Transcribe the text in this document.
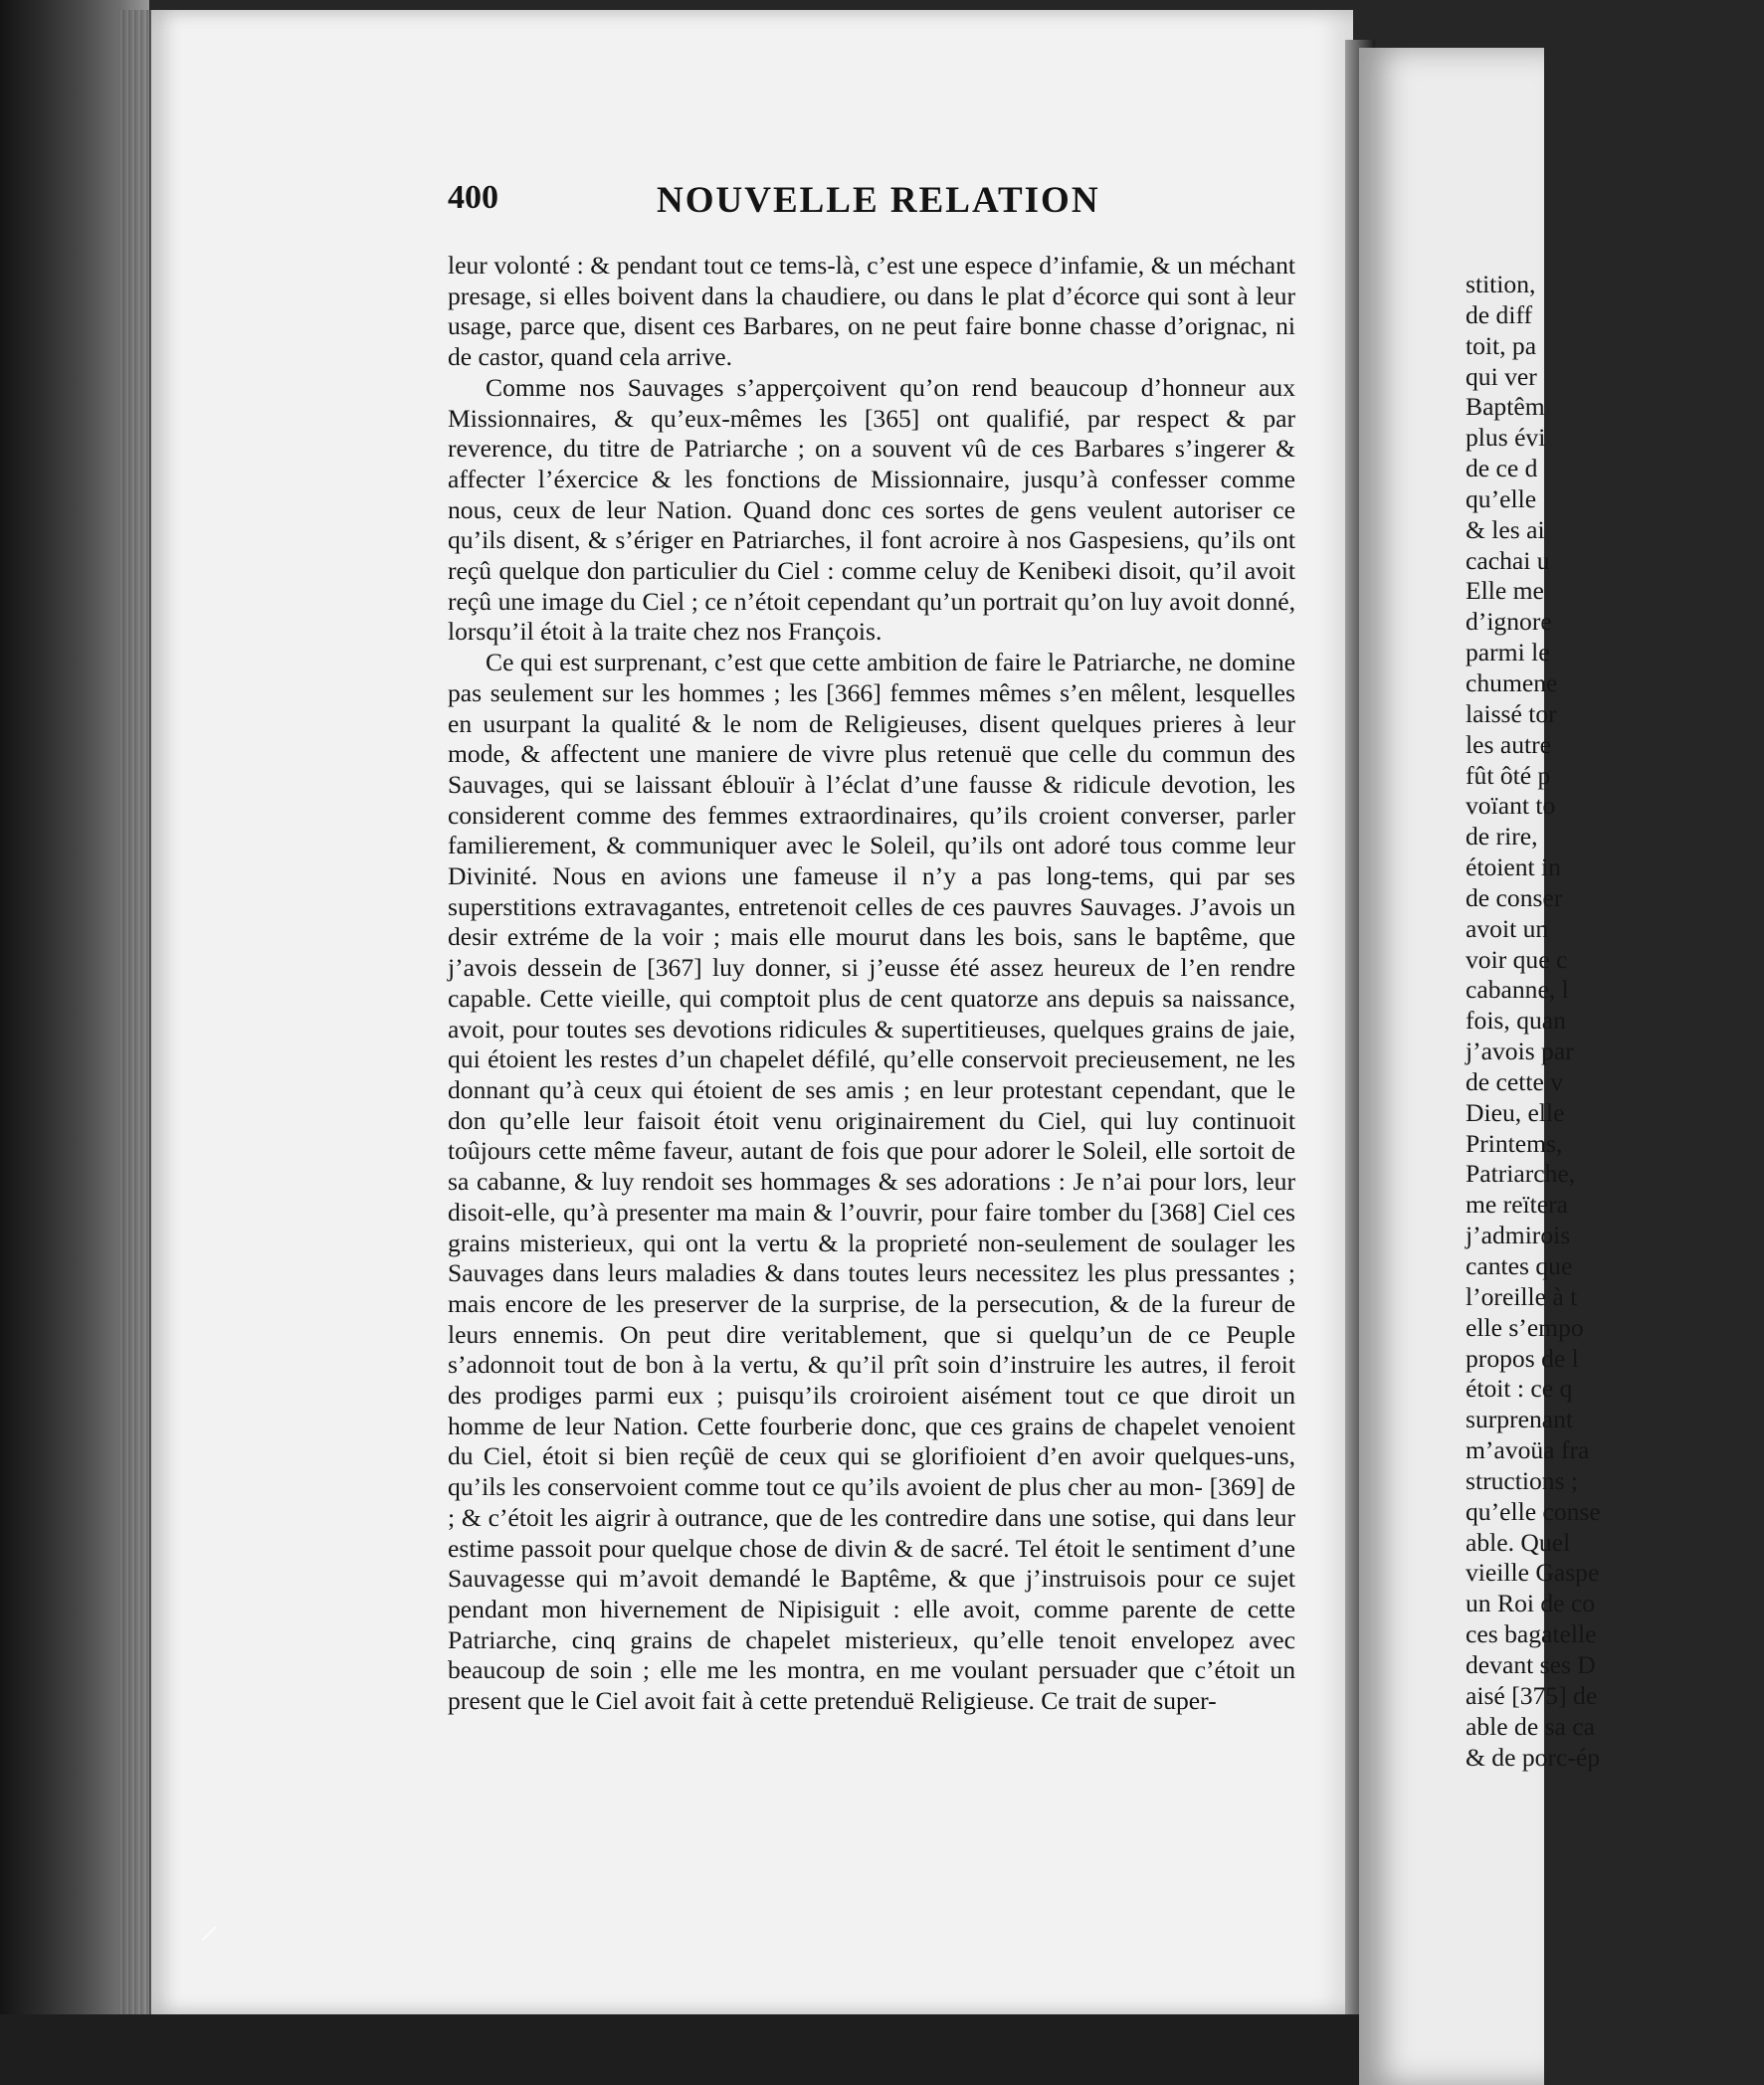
400	NOUVELLE RELATION

leur volonté : & pendant tout ce tems-là, c’est une espece d’infamie, & un méchant presage, si elles boivent dans la chaudiere, ou dans le plat d’écorce qui sont à leur usage, parce que, disent ces Barbares, on ne peut faire bonne chasse d’orignac, ni de castor, quand cela arrive.

Comme nos Sauvages s’apperçoivent qu’on rend beaucoup d’honneur aux Missionnaires, & qu’eux-mêmes les [365] ont qualifié, par respect & par reverence, du titre de Patriarche ; on a souvent vû de ces Barbares s’ingerer & affecter l’éxercice & les fonctions de Missionnaire, jusqu’à confesser comme nous, ceux de leur Nation. Quand donc ces sortes de gens veulent autoriser ce qu’ils disent, & s’ériger en Patriarches, il font acroire à nos Gaspesiens, qu’ils ont reçû quelque don particulier du Ciel : comme celuy de Kenibeκi disoit, qu’il avoit reçû une image du Ciel ; ce n’étoit cependant qu’un portrait qu’on luy avoit donné, lorsqu’il étoit à la traite chez nos François.

Ce qui est surprenant, c’est que cette ambition de faire le Patriarche, ne domine pas seulement sur les hommes ; les [366] femmes mêmes s’en mêlent, lesquelles en usurpant la qualité & le nom de Religieuses, disent quelques prieres à leur mode, & affectent une maniere de vivre plus retenuë que celle du commun des Sauvages, qui se laissant éblouïr à l’éclat d’une fausse & ridicule devotion, les considerent comme des femmes extraordinaires, qu’ils croient converser, parler familierement, & communiquer avec le Soleil, qu’ils ont adoré tous comme leur Divinité. Nous en avions une fameuse il n’y a pas long-tems, qui par ses superstitions extravagantes, entretenoit celles de ces pauvres Sauvages. J’avois un desir extréme de la voir ; mais elle mourut dans les bois, sans le baptême, que j’avois dessein de [367] luy donner, si j’eusse été assez heureux de l’en rendre capable. Cette vieille, qui comptoit plus de cent quatorze ans depuis sa naissance, avoit, pour toutes ses devotions ridicules & supertitieuses, quelques grains de jaie, qui étoient les restes d’un chapelet défilé, qu’elle conservoit precieusement, ne les donnant qu’à ceux qui étoient de ses amis ; en leur protestant cependant, que le don qu’elle leur faisoit étoit venu originairement du Ciel, qui luy continuoit toûjours cette même faveur, autant de fois que pour adorer le Soleil, elle sortoit de sa cabanne, & luy rendoit ses hommages & ses adorations : Je n’ai pour lors, leur disoit-elle, qu’à presenter ma main & l’ouvrir, pour faire tomber du [368] Ciel ces grains misterieux, qui ont la vertu & la proprieté non-seulement de soulager les Sauvages dans leurs maladies & dans toutes leurs necessitez les plus pressantes ; mais encore de les preserver de la surprise, de la persecution, & de la fureur de leurs ennemis. On peut dire veritablement, que si quelqu’un de ce Peuple s’adonnoit tout de bon à la vertu, & qu’il prît soin d’instruire les autres, il feroit des prodiges parmi eux ; puisqu’ils croiroient aisément tout ce que diroit un homme de leur Nation. Cette fourberie donc, que ces grains de chapelet venoient du Ciel, étoit si bien reçûë de ceux qui se glorifioient d’en avoir quelques-uns, qu’ils les conservoient comme tout ce qu’ils avoient de plus cher au mon- [369] de ; & c’étoit les aigrir à outrance, que de les contredire dans une sotise, qui dans leur estime passoit pour quelque chose de divin & de sacré. Tel étoit le sentiment d’une Sauvagesse qui m’avoit demandé le Baptême, & que j’instruisois pour ce sujet pendant mon hivernement de Nipisiguit : elle avoit, comme parente de cette Patriarche, cinq grains de chapelet misterieux, qu’elle tenoit envelopez avec beaucoup de soin ; elle me les montra, en me voulant persuader que c’étoit un present que le Ciel avoit fait à cette pretenduë Religieuse. Ce trait de super-

⸝
stition,
de diff
toit, pa
qui ver
Baptêm
plus évi
de ce d
qu’elle
& les ai
cachai u
Elle me
d’ignore
parmi le
chumene
laissé tor
les autre
fût ôté p
voïant to
de rire,
étoient in
de conser
avoit un
voir que c
cabanne, l
fois, quan
j’avois par
de cette v
Dieu, elle
Printems,
Patriarche,
me reïtera
j’admirois
cantes que
l’oreille à t
elle s’empo
propos de l
étoit : ce q
surprenant
m’avoüa fra
structions ;
qu’elle conse
able. Quel
vieille Gaspe
un Roi de co
ces bagatelle
devant ses D
aisé [375] de
able de sa ca
& de porc-ép
